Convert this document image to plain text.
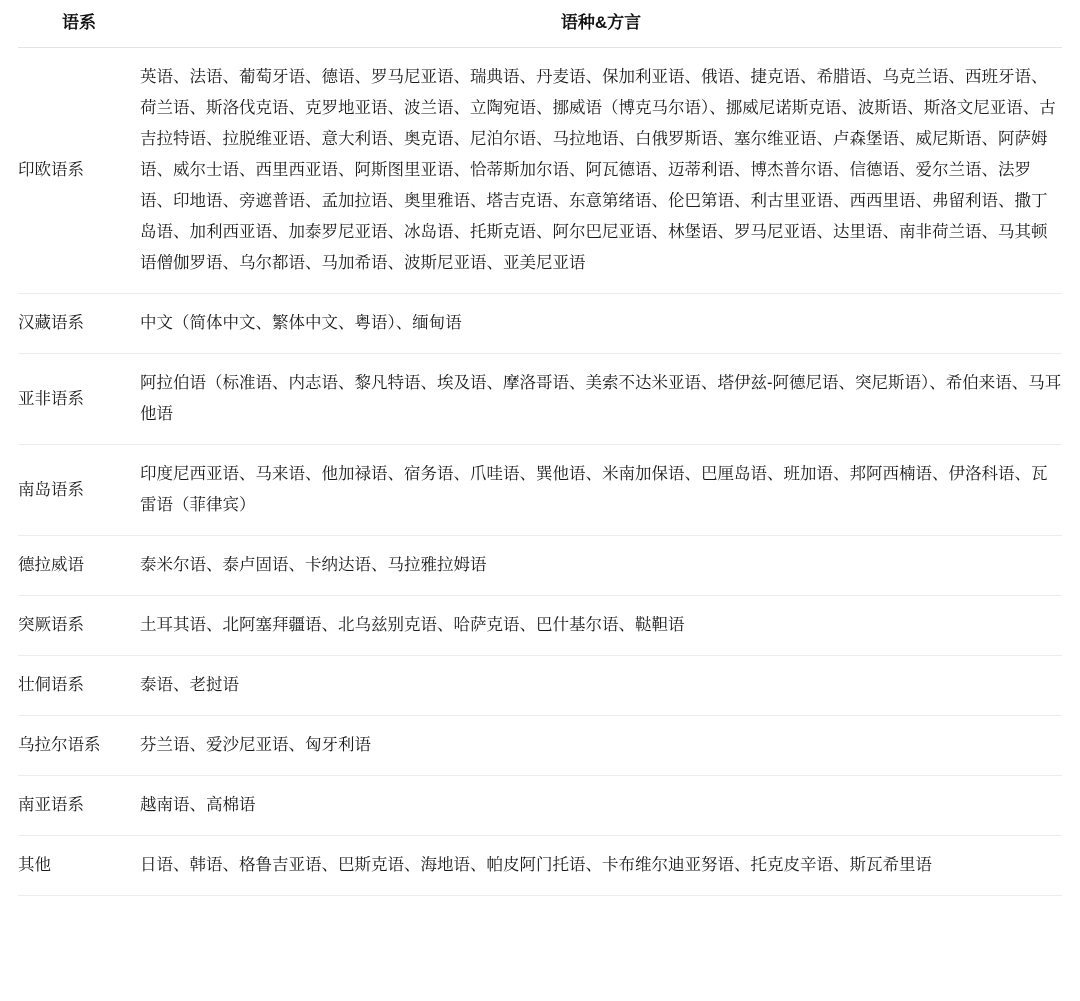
语系	语种&方言
印欧语系	英语、法语、葡萄牙语、德语、罗马尼亚语、瑞典语、丹麦语、保加利亚语、俄语、捷克语、希腊语、乌克兰语、西班牙语、荷兰语、斯洛伐克语、克罗地亚语、波兰语、立陶宛语、挪威语（博克马尔语）、挪威尼诺斯克语、波斯语、斯洛文尼亚语、古吉拉特语、拉脱维亚语、意大利语、奥克语、尼泊尔语、马拉地语、白俄罗斯语、塞尔维亚语、卢森堡语、威尼斯语、阿萨姆语、威尔士语、西里西亚语、阿斯图里亚语、恰蒂斯加尔语、阿瓦德语、迈蒂利语、博杰普尔语、信德语、爱尔兰语、法罗语、印地语、旁遮普语、孟加拉语、奥里雅语、塔吉克语、东意第绪语、伦巴第语、利古里亚语、西西里语、弗留利语、撒丁岛语、加利西亚语、加泰罗尼亚语、冰岛语、托斯克语、阿尔巴尼亚语、林堡语、罗马尼亚语、达里语、南非荷兰语、马其顿语僧伽罗语、乌尔都语、马加希语、波斯尼亚语、亚美尼亚语
汉藏语系	中文（简体中文、繁体中文、粤语）、缅甸语
亚非语系	阿拉伯语（标准语、内志语、黎凡特语、埃及语、摩洛哥语、美索不达米亚语、塔伊兹-阿德尼语、突尼斯语）、希伯来语、马耳他语
南岛语系	印度尼西亚语、马来语、他加禄语、宿务语、爪哇语、巽他语、米南加保语、巴厘岛语、班加语、邦阿西楠语、伊洛科语、瓦雷语（菲律宾）
德拉威语	泰米尔语、泰卢固语、卡纳达语、马拉雅拉姆语
突厥语系	土耳其语、北阿塞拜疆语、北乌兹别克语、哈萨克语、巴什基尔语、鞑靼语
壮侗语系	泰语、老挝语
乌拉尔语系	芬兰语、爱沙尼亚语、匈牙利语
南亚语系	越南语、高棉语
其他	日语、韩语、格鲁吉亚语、巴斯克语、海地语、帕皮阿门托语、卡布维尔迪亚努语、托克皮辛语、斯瓦希里语
